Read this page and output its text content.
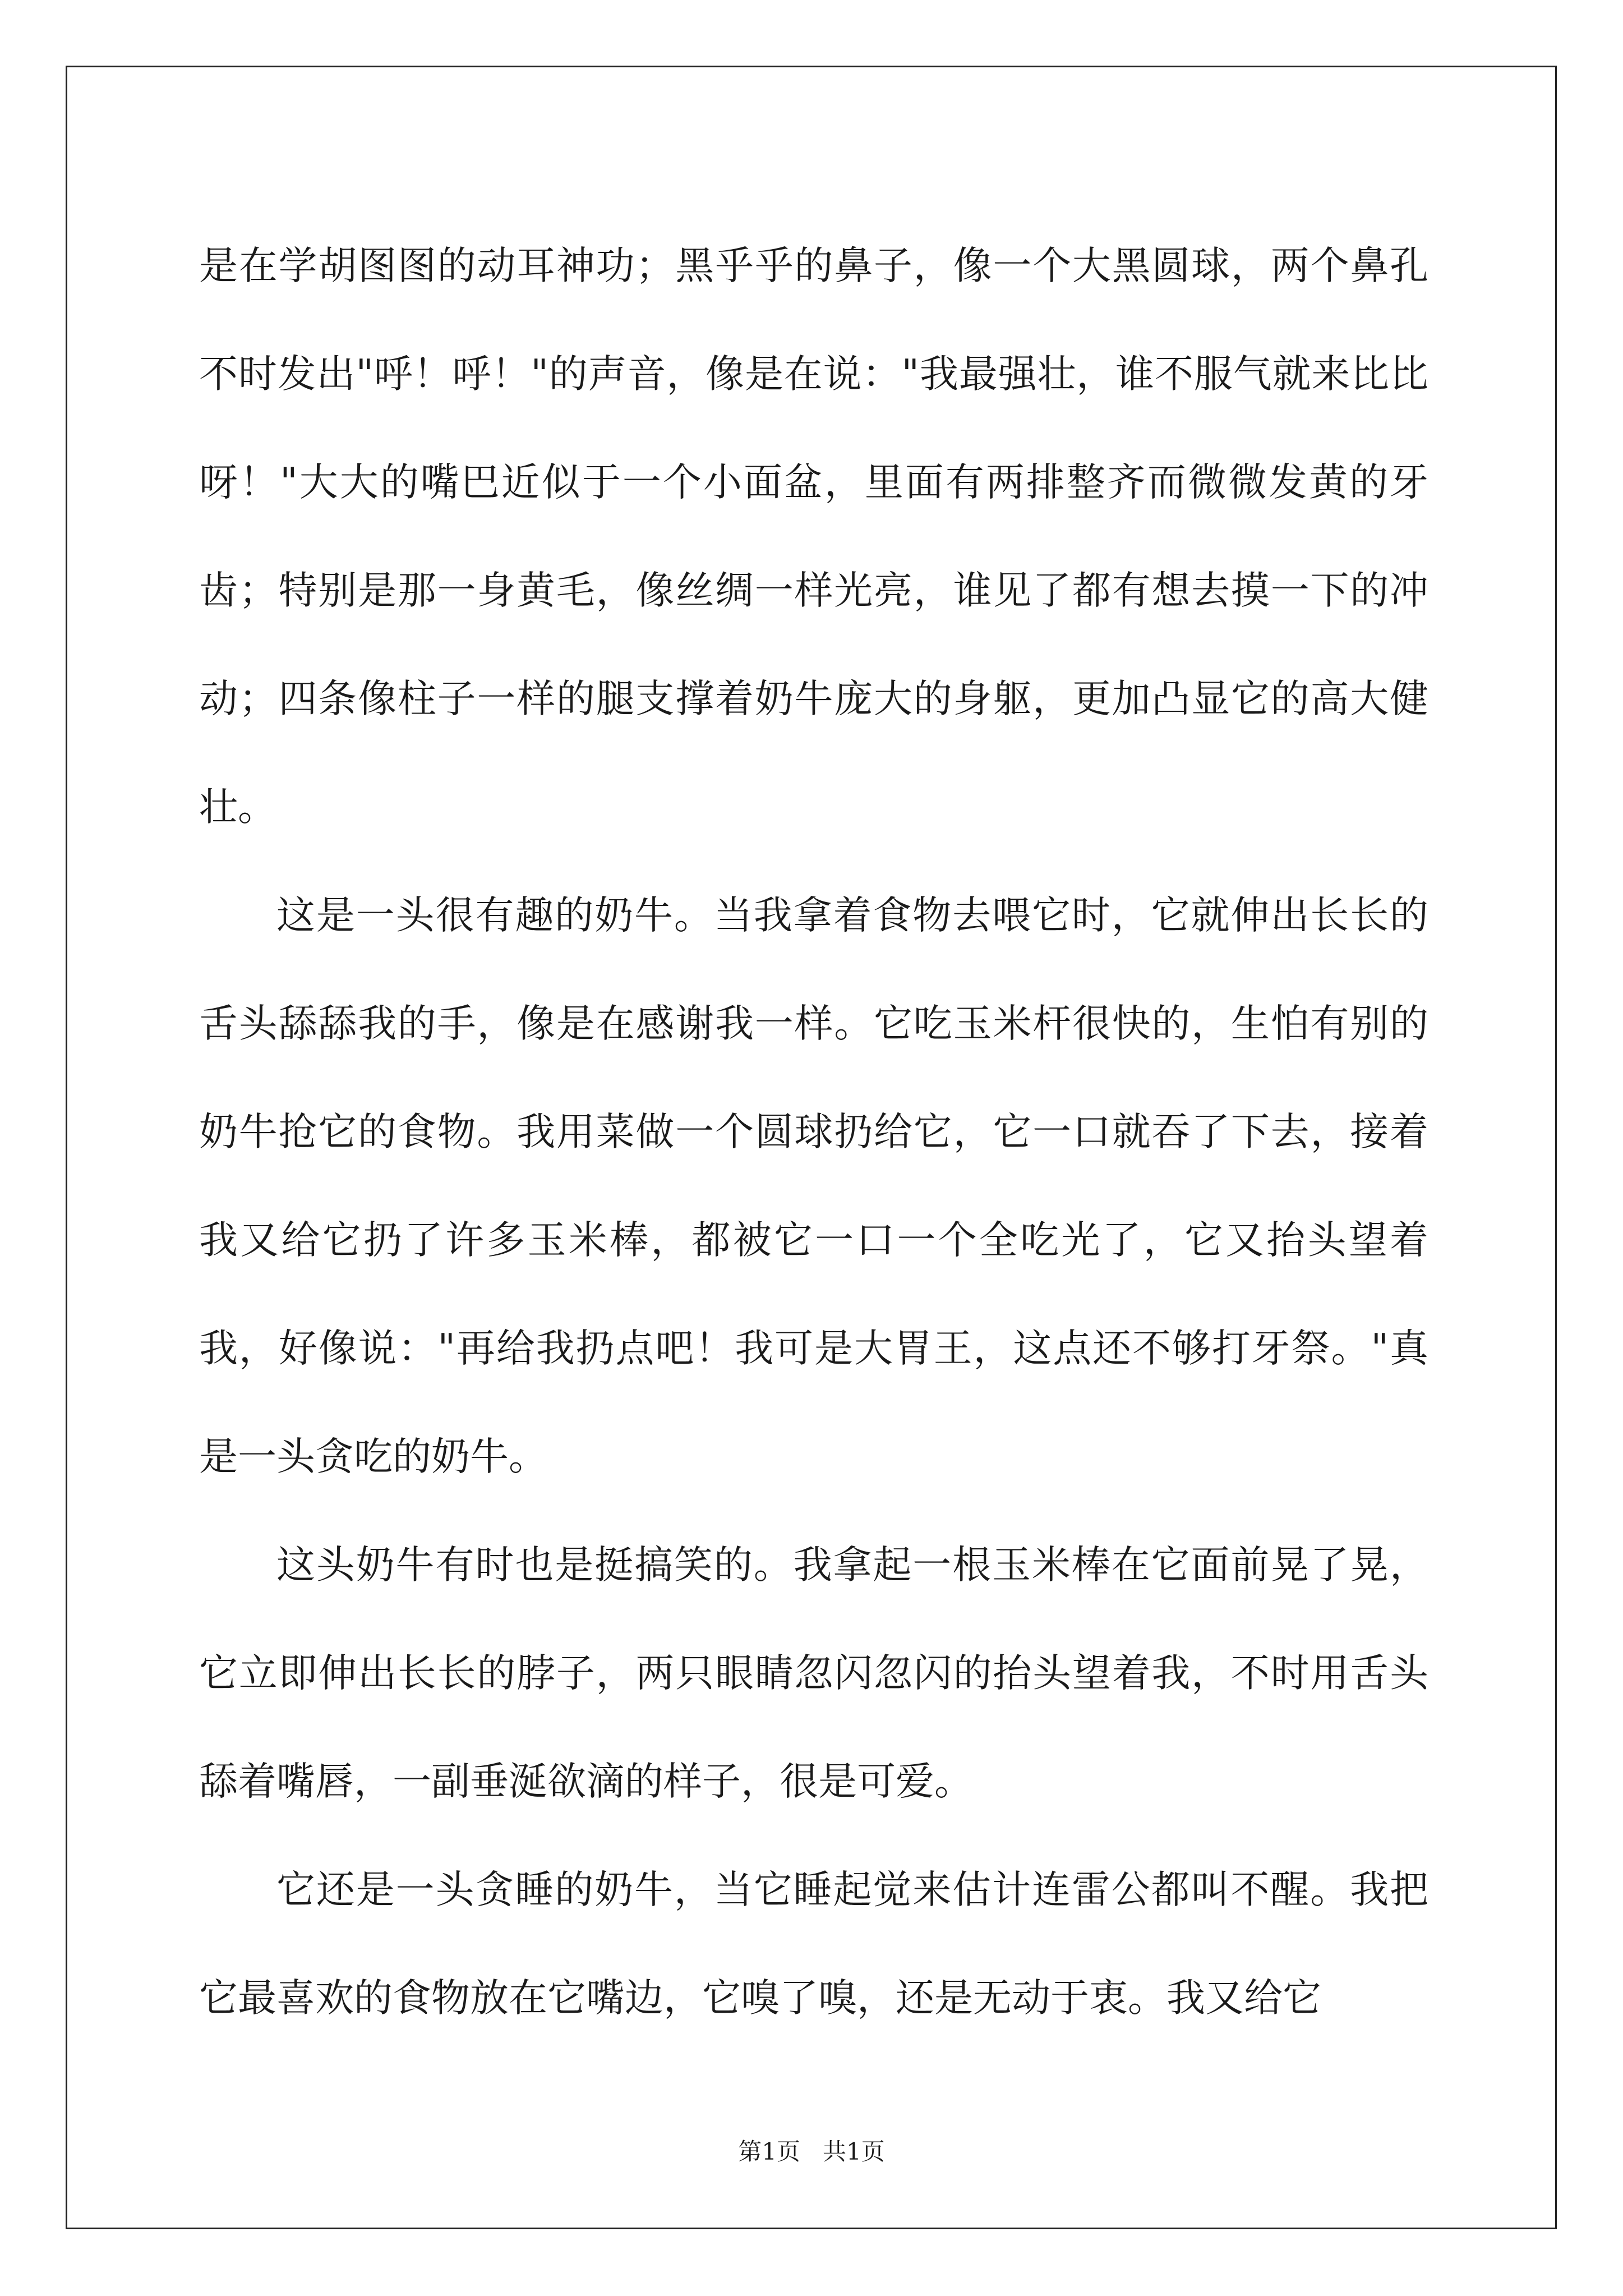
是在学胡图图的动耳神功；黑乎乎的鼻子，像一个大黑圆球，两个鼻孔不时发出"呼！呼！"的声音，像是在说："我最强壮，谁不服气就来比比呀！"大大的嘴巴近似于一个小面盆，里面有两排整齐而微微发黄的牙齿；特别是那一身黄毛，像丝绸一样光亮，谁见了都有想去摸一下的冲动；四条像柱子一样的腿支撑着奶牛庞大的身躯，更加凸显它的高大健壮。

这是一头很有趣的奶牛。当我拿着食物去喂它时，它就伸出长长的舌头舔舔我的手，像是在感谢我一样。它吃玉米杆很快的，生怕有别的奶牛抢它的食物。我用菜做一个圆球扔给它，它一口就吞了下去，接着我又给它扔了许多玉米棒，都被它一口一个全吃光了，它又抬头望着我，好像说："再给我扔点吧！我可是大胃王，这点还不够打牙祭。"真是一头贪吃的奶牛。

这头奶牛有时也是挺搞笑的。我拿起一根玉米棒在它面前晃了晃，它立即伸出长长的脖子，两只眼睛忽闪忽闪的抬头望着我，不时用舌头舔着嘴唇，一副垂涎欲滴的样子，很是可爱。

它还是一头贪睡的奶牛，当它睡起觉来估计连雷公都叫不醒。我把它最喜欢的食物放在它嘴边，它嗅了嗅，还是无动于衷。我又给它

第1页   共1页
